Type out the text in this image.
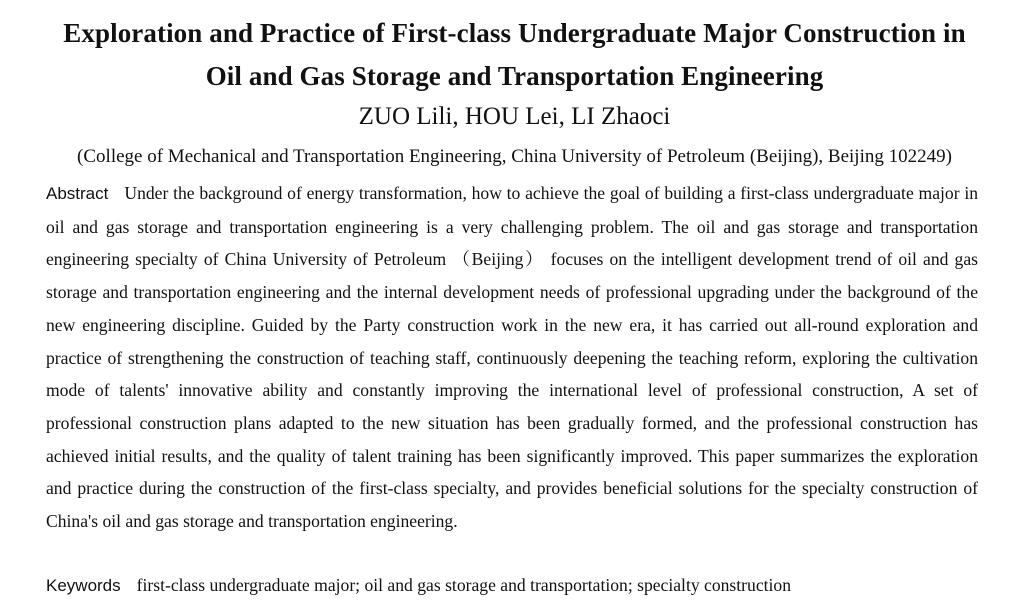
Exploration and Practice of First-class Undergraduate Major Construction in
Oil and Gas Storage and Transportation Engineering
ZUO Lili, HOU Lei, LI Zhaoci
(College of Mechanical and Transportation Engineering, China University of Petroleum (Beijing), Beijing 102249)
Abstract Under the background of energy transformation, how to achieve the goal of building a first-class undergraduate major in oil and gas storage and transportation engineering is a very challenging problem. The oil and gas storage and transportation engineering specialty of China University of Petroleum （Beijing） focuses on the intelligent development trend of oil and gas storage and transportation engineering and the internal development needs of professional upgrading under the background of the new engineering discipline. Guided by the Party construction work in the new era, it has carried out all-round exploration and practice of strengthening the construction of teaching staff, continuously deepening the teaching reform, exploring the cultivation mode of talents' innovative ability and constantly improving the international level of professional construction, A set of professional construction plans adapted to the new situation has been gradually formed, and the professional construction has achieved initial results, and the quality of talent training has been significantly improved. This paper summarizes the exploration and practice during the construction of the first-class specialty, and provides beneficial solutions for the specialty construction of China's oil and gas storage and transportation engineering.
Keywords first-class undergraduate major; oil and gas storage and transportation; specialty construction
